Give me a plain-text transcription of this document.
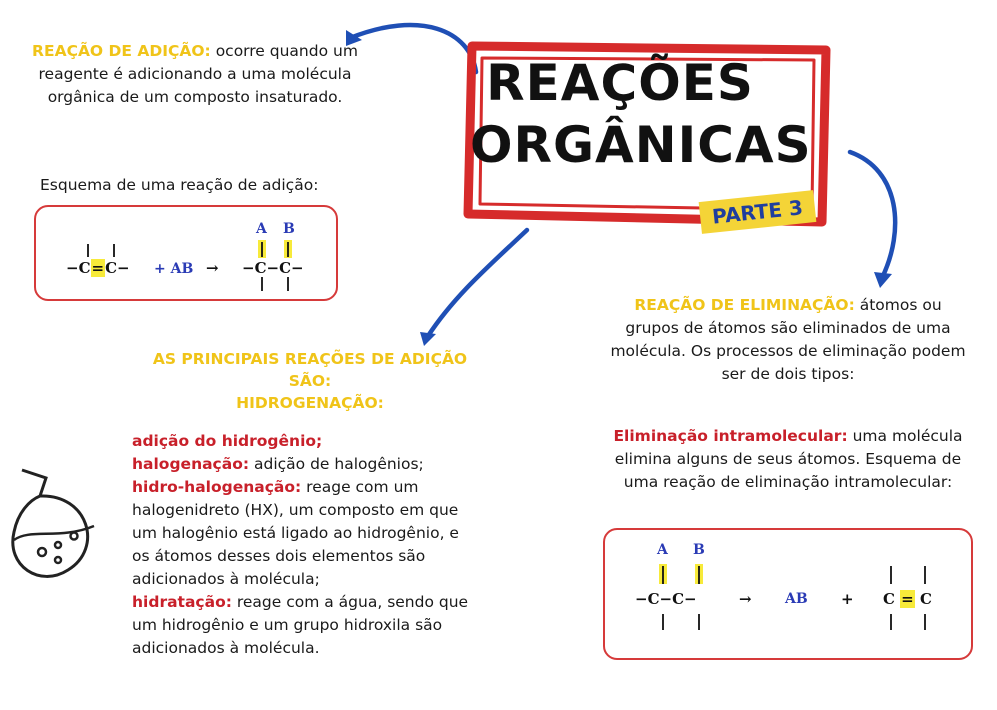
REAÇÕES
ORGÂNICAS
PARTE 3
REAÇÃO DE ADIÇÃO: ocorre quando um reagente é adicionando a uma molécula orgânica de um composto insaturado.
Esquema de uma reação de adição:
−C=C− + AB →
A B
−C−C−
AS PRINCIPAIS REAÇÕES DE ADIÇÃO SÃO:
HIDROGENAÇÃO:
adição do hidrogênio;
halogenação: adição de halogênios;
hidro-halogenação: reage com um halogenidreto (HX), um composto em que um halogênio está ligado ao hidrogênio, e os átomos desses dois elementos são adicionados à molécula;
hidratação: reage com a água, sendo que um hidrogênio e um grupo hidroxila são adicionados à molécula.
REAÇÃO DE ELIMINAÇÃO: átomos ou grupos de átomos são eliminados de uma molécula. Os processos de eliminação podem ser de dois tipos:
Eliminação intramolecular: uma molécula elimina alguns de seus átomos. Esquema de uma reação de eliminação intramolecular:
A B
−C−C−	→ AB + C = C
